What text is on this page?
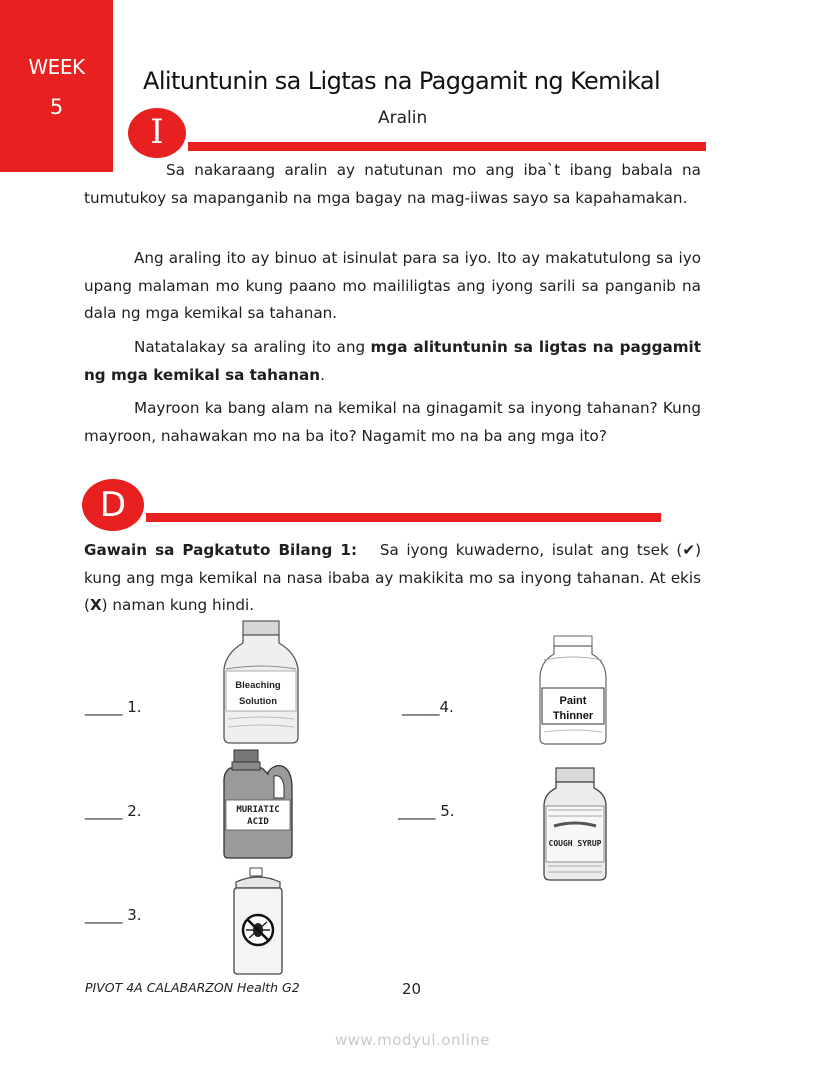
WEEK
5
Alituntunin sa Ligtas na Paggamit ng Kemikal
I	Aralin
Sa nakaraang aralin ay natutunan mo ang iba`t ibang babala na tumutukoy sa mapanganib na mga bagay na mag-iiwas sayo sa kapahamakan.
Ang araling ito ay binuo at isinulat para sa iyo. Ito ay makatutulong sa iyo upang malaman mo kung paano mo maililigtas ang iyong sarili sa panganib na dala ng mga kemikal sa tahanan.
Natatalakay sa araling ito ang mga alituntunin sa ligtas na paggamit ng mga kemikal sa tahanan.
Mayroon ka bang alam na kemikal na ginagamit sa inyong tahanan? Kung mayroon, nahawakan mo na ba ito? Nagamit mo na ba ang mga ito?
D
Gawain sa Pagkatuto Bilang 1: Sa iyong kuwaderno, isulat ang tsek (✔) kung ang mga kemikal na nasa ibaba ay makikita mo sa inyong tahanan. At ekis (X) naman kung hindi.
_____ 1.
_____ 2.
_____ 3.
_____4.
_____ 5.
Bleaching
Solution
MURIATIC
ACID
Paint
Thinner
COUGH SYRUP
PIVOT 4A CALABARZON Health G2	20
www.modyul.online
